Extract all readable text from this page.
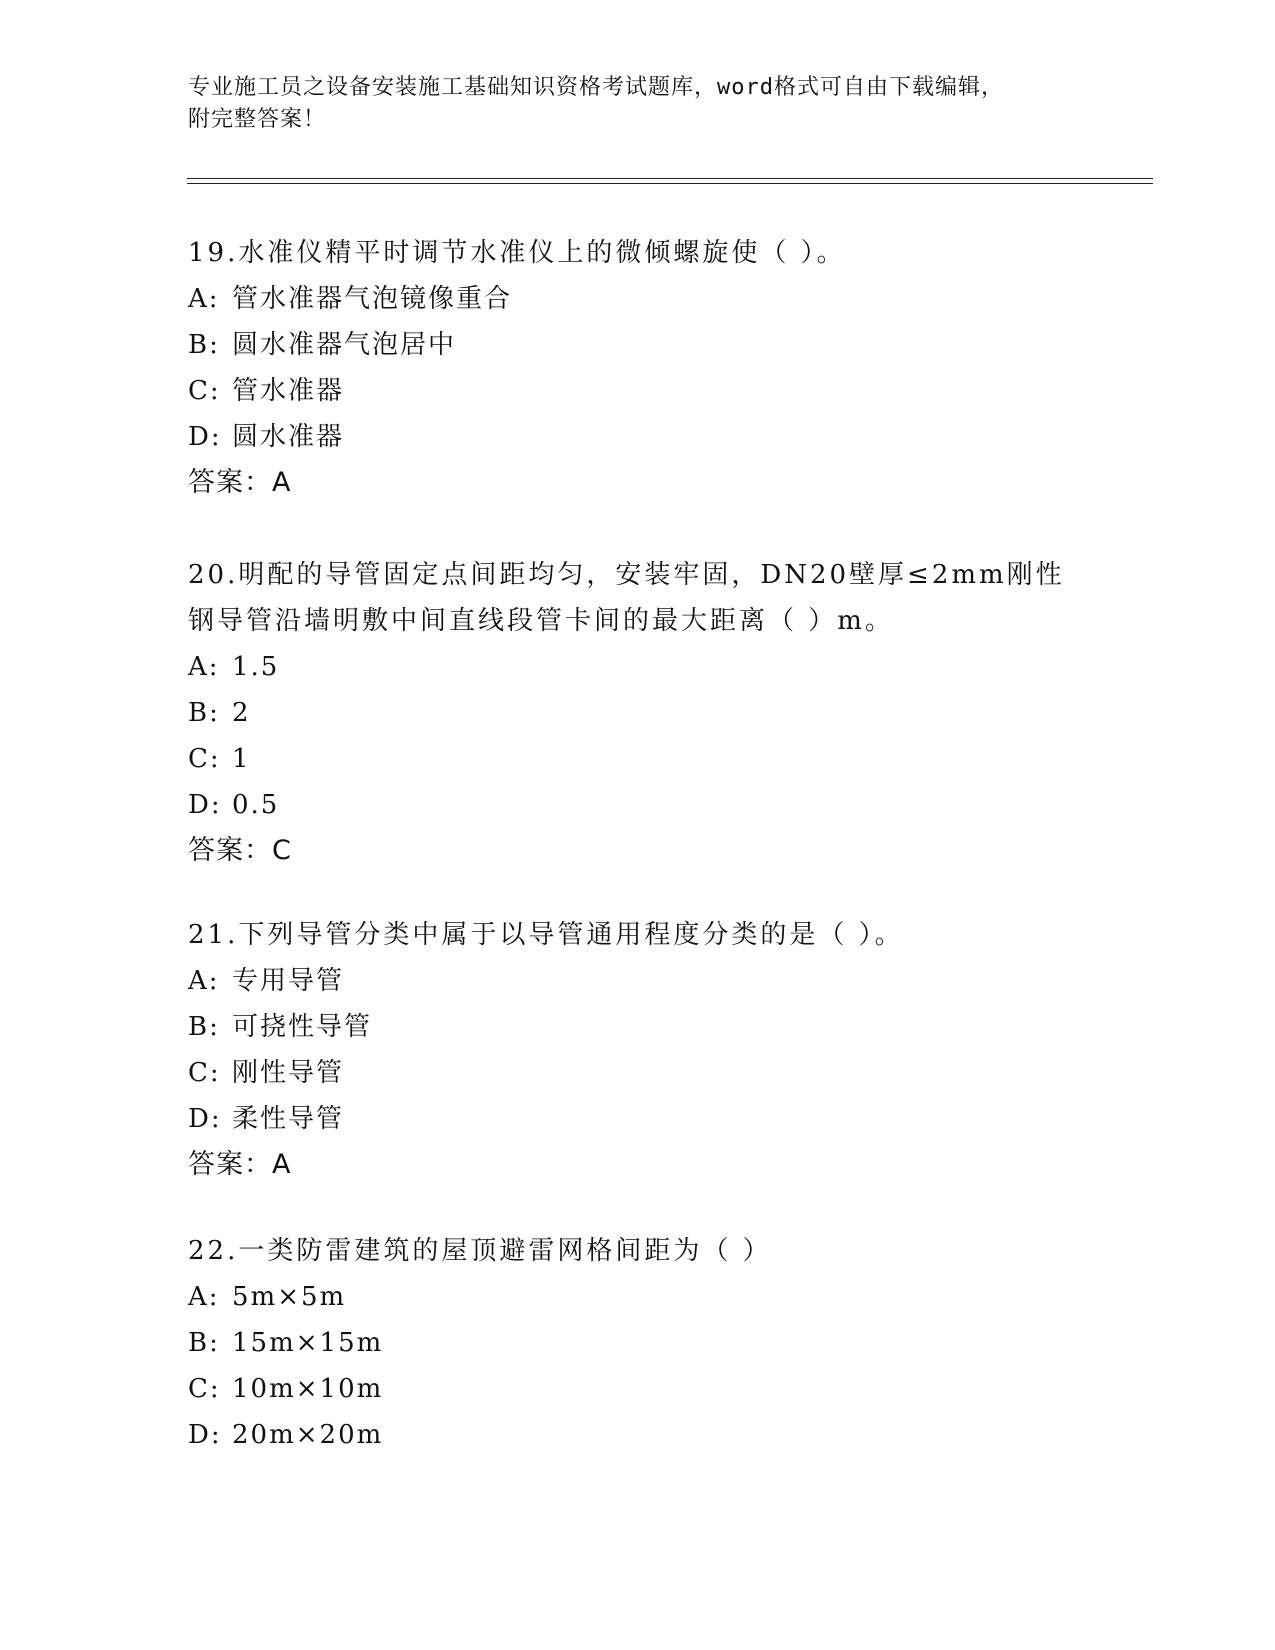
专业施工员之设备安装施工基础知识资格考试题库，word格式可自由下载编辑，
附完整答案！
19.水准仪精平时调节水准仪上的微倾螺旋使（ ）。
A: 管水准器气泡镜像重合
B: 圆水准器气泡居中
C: 管水准器
D: 圆水准器
答案：A
20.明配的导管固定点间距均匀，安装牢固，DN20壁厚≤2mm刚性钢导管沿墙明敷中间直线段管卡间的最大距离（ ）m。
A: 1.5
B: 2
C: 1
D: 0.5
答案：C
21.下列导管分类中属于以导管通用程度分类的是（ ）。
A: 专用导管
B: 可挠性导管
C: 刚性导管
D: 柔性导管
答案：A
22.一类防雷建筑的屋顶避雷网格间距为（ ）
A: 5m×5m
B: 15m×15m
C: 10m×10m
D: 20m×20m
